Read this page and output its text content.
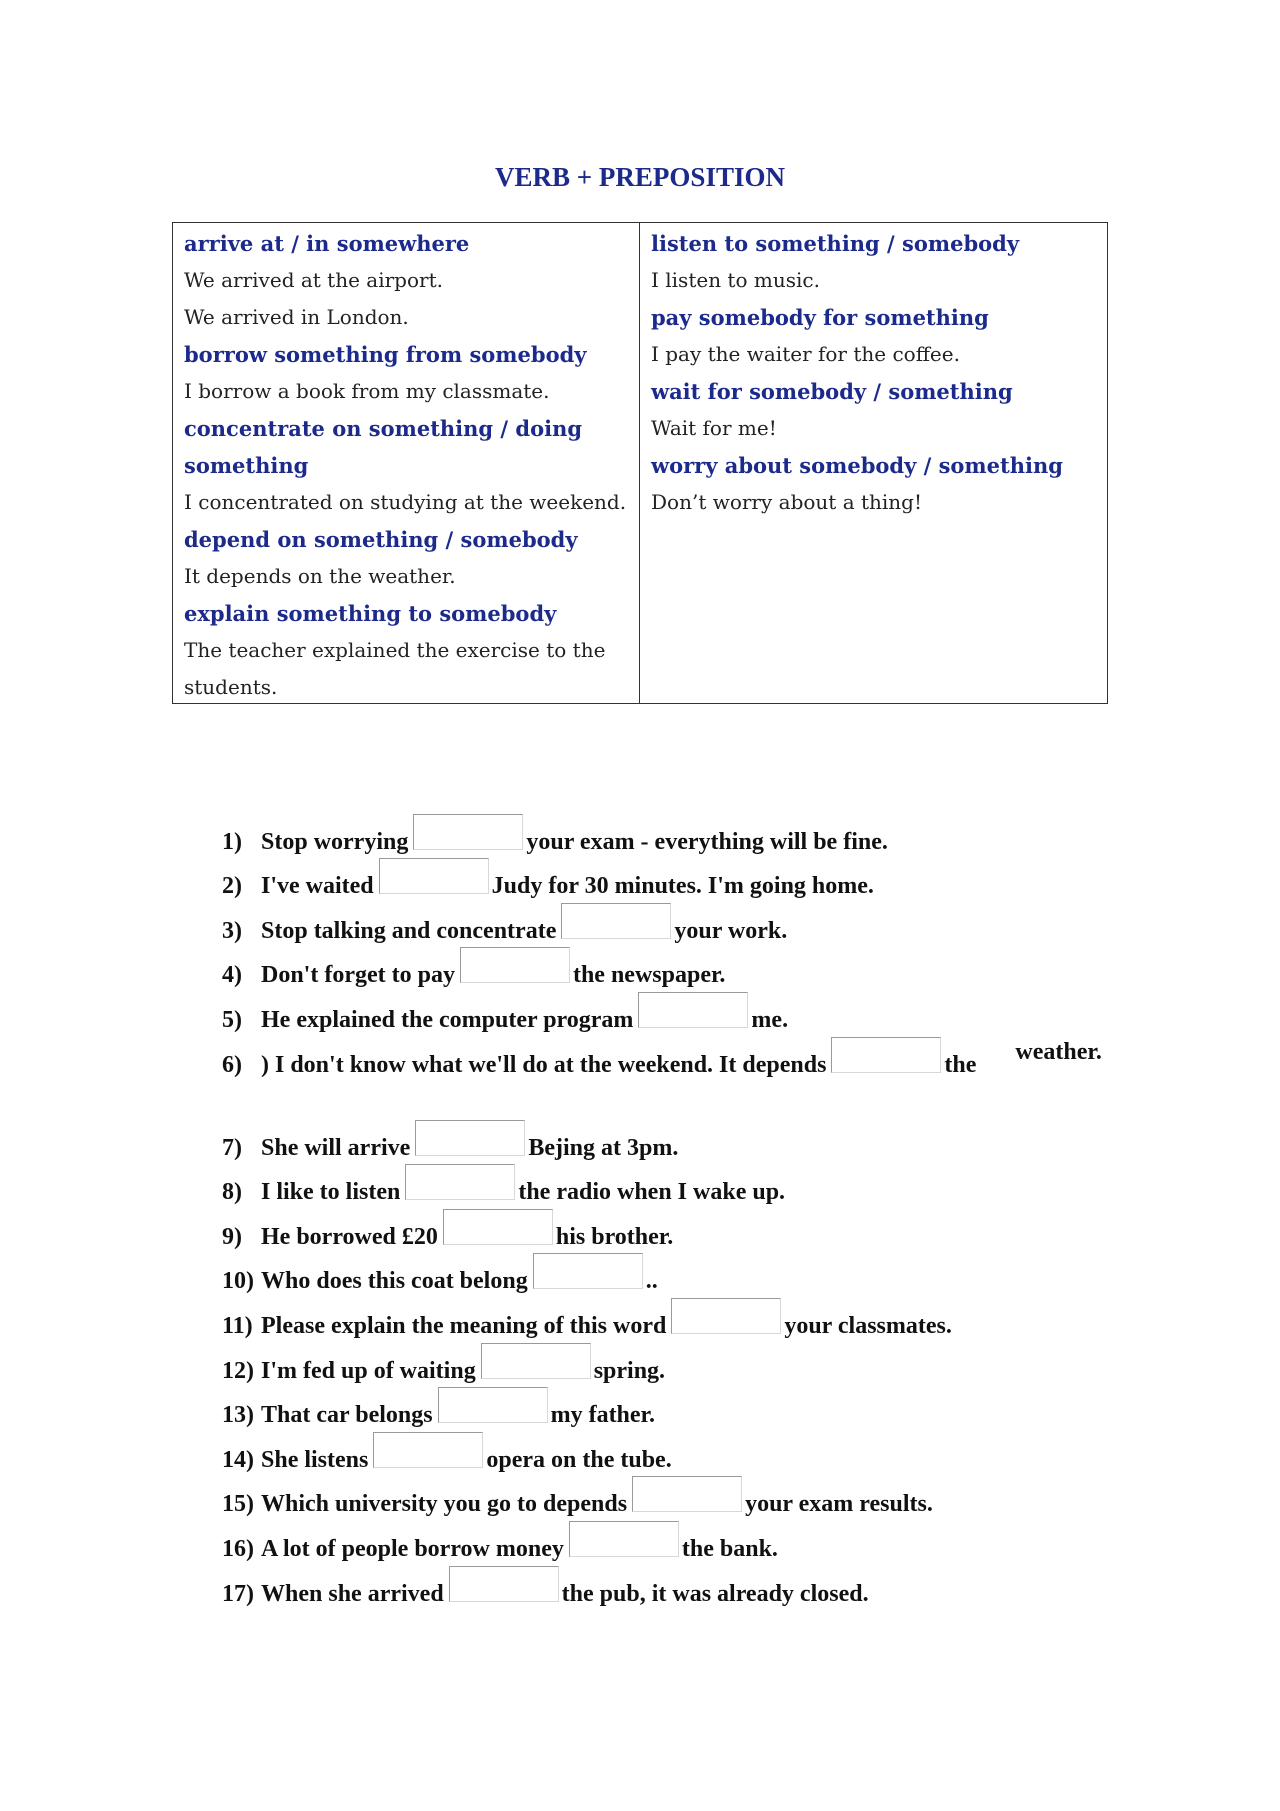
VERB + PREPOSITION
arrive at / in somewhere
We arrived at the airport.
We arrived in London.
borrow something from somebody
I borrow a book from my classmate.
concentrate on something / doing
something
I concentrated on studying at the weekend.
depend on something / somebody
It depends on the weather.
explain something to somebody
The teacher explained the exercise to the
students.
listen to something / somebody
I listen to music.
pay somebody for something
I pay the waiter for the coffee.
wait for somebody / something
Wait for me!
worry about somebody / something
Don’t worry about a thing!
1) Stop worrying	your exam - everything will be fine.
2) I've waited	Judy for 30 minutes. I'm going home.
3) Stop talking and concentrate	your work.
4) Don't forget to pay	the newspaper.
5) He explained the computer program	me.
6) ) I don't know what we'll do at the weekend. It depends	the	weather.
7) She will arrive	Bejing at 3pm.
8) I like to listen	the radio when I wake up.
9) He borrowed £20	his brother.
10) Who does this coat belong	..
11) Please explain the meaning of this word	your classmates.
12) I'm fed up of waiting	spring.
13) That car belongs	my father.
14) She listens	opera on the tube.
15) Which university you go to depends	your exam results.
16) A lot of people borrow money	the bank.
17) When she arrived	the pub, it was already closed.
